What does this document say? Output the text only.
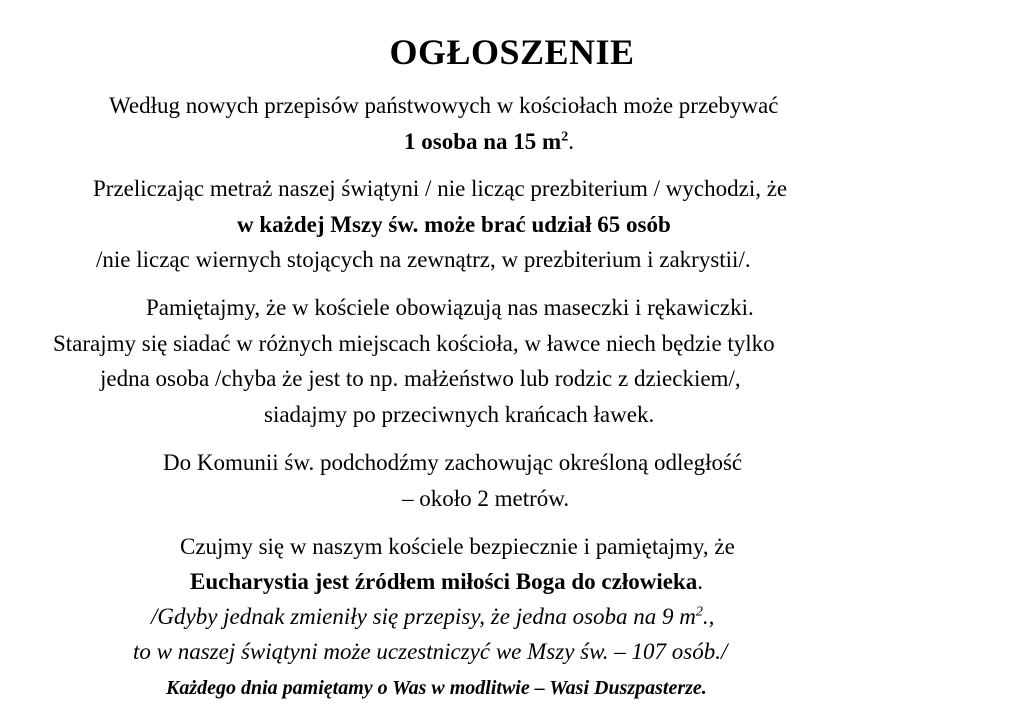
OGŁOSZENIE
Według nowych przepisów państwowych w kościołach może przebywać
1 osoba na 15 $m^2$.
Przeliczając metraż naszej świątyni / nie licząc prezbiterium / wychodzi, że
w każdej Mszy św. może brać udział 65 osób
/nie licząc wiernych stojących na zewnątrz, w prezbiterium i zakrystii/.
Pamiętajmy, że w kościele obowiązują nas maseczki i rękawiczki.
Starajmy się siadać w różnych miejscach kościoła, w ławce niech będzie tylko
jedna osoba /chyba że jest to np. małżeństwo lub rodzic z dzieckiem/,
siadajmy po przeciwnych krańcach ławek.
Do Komunii św. podchodźmy zachowując określoną odległość
– około 2 metrów.
Czujmy się w naszym kościele bezpiecznie i pamiętajmy, że
Eucharystia jest źródłem miłości Boga do człowieka.
/Gdyby jednak zmieniły się przepisy, że jedna osoba na 9 $m^2$.,
to w naszej świątyni może uczestniczyć we Mszy św. – 107 osób./
Każdego dnia pamiętamy o Was w modlitwie – Wasi Duszpasterze.
